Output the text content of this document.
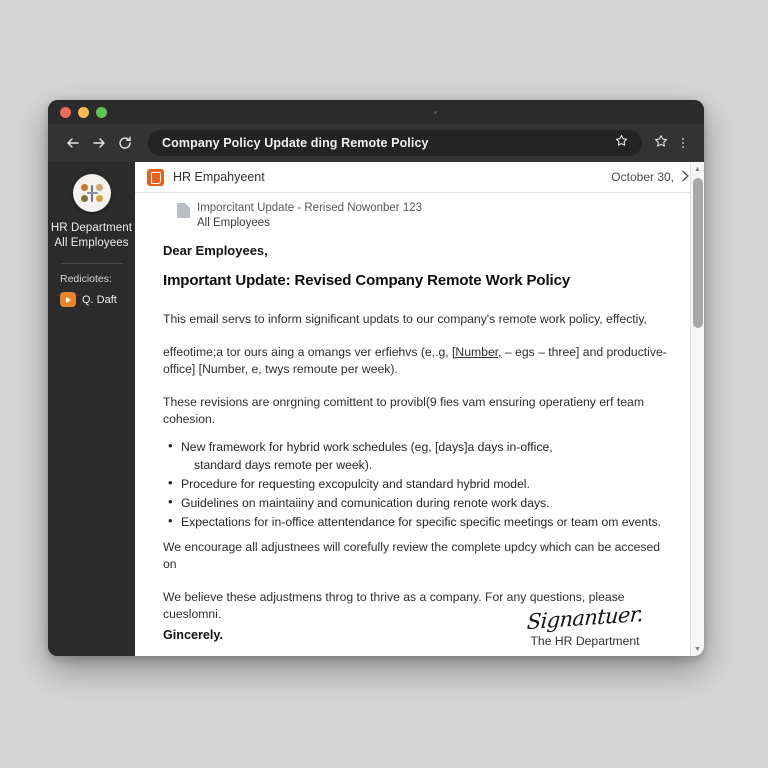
Company Policy Update ding Remote Policy
HR Department
All Employees
Rediciotes:
Q. Daft
HR Empahyeent	October 30,
Imporcitant Update - Rerised Nowonber 123
All Employees
Dear Employees,
Important Update: Revised Company Remote Work Policy

This email servs to inform significant updats to our company's remote work policy, effectiy,

effeotime;a tor ours aing a omangs ver erfiehvs (e,.g, [Number, – egs – three] and productive-office] [Number, e, twys remoute per week).

These revisions are onrgning comittent to provibl(9 fies vam ensuring operatieny erf team cohesion.

• New framework for hybrid work schedules (eg, [days]a days in-office,
standard days remote per week).
• Procedure for requesting excopulcity and standard hybrid model.
• Guidelines on maintaiiny and comunication during renote work days.
• Expectations for in-office attentendance for specific specific meetings or team om events.

We encourage all adjustnees will corefully review the complete updcy which can be accesed on

We believe these adjustmens throg to thrive as a company. For any questions, please cueslomni.	Signantuer.
The HR Department
Gincerely.
▲
▼
